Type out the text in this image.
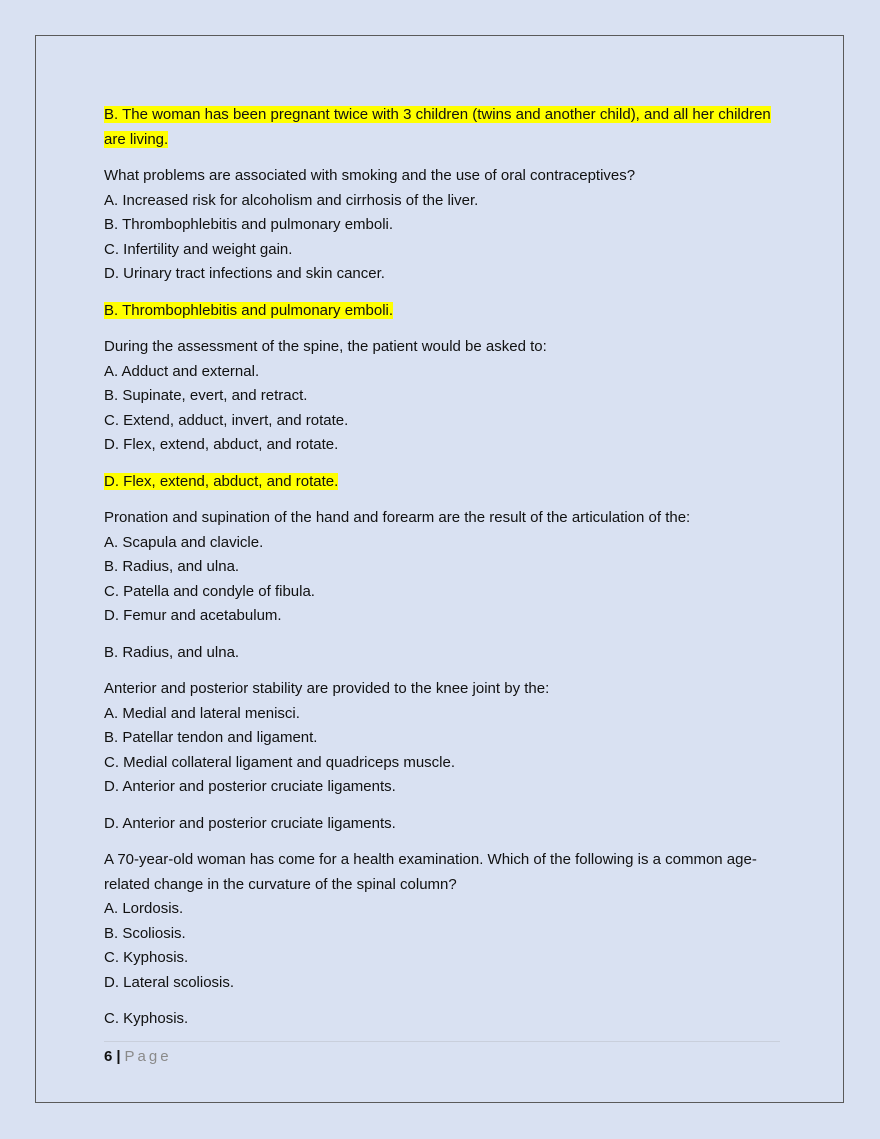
B. The woman has been pregnant twice with 3 children (twins and another child), and all her children are living.
What problems are associated with smoking and the use of oral contraceptives?
A. Increased risk for alcoholism and cirrhosis of the liver.
B. Thrombophlebitis and pulmonary emboli.
C. Infertility and weight gain.
D. Urinary tract infections and skin cancer.
B. Thrombophlebitis and pulmonary emboli.
During the assessment of the spine, the patient would be asked to:
A. Adduct and external.
B. Supinate, evert, and retract.
C. Extend, adduct, invert, and rotate.
D. Flex, extend, abduct, and rotate.
D. Flex, extend, abduct, and rotate.
Pronation and supination of the hand and forearm are the result of the articulation of the:
A. Scapula and clavicle.
B. Radius, and ulna.
C. Patella and condyle of fibula.
D. Femur and acetabulum.
B. Radius, and ulna.
Anterior and posterior stability are provided to the knee joint by the:
A. Medial and lateral menisci.
B. Patellar tendon and ligament.
C. Medial collateral ligament and quadriceps muscle.
D. Anterior and posterior cruciate ligaments.
D. Anterior and posterior cruciate ligaments.
A 70-year-old woman has come for a health examination. Which of the following is a common age-related change in the curvature of the spinal column?
A. Lordosis.
B. Scoliosis.
C. Kyphosis.
D. Lateral scoliosis.
C. Kyphosis.
6 | Page
